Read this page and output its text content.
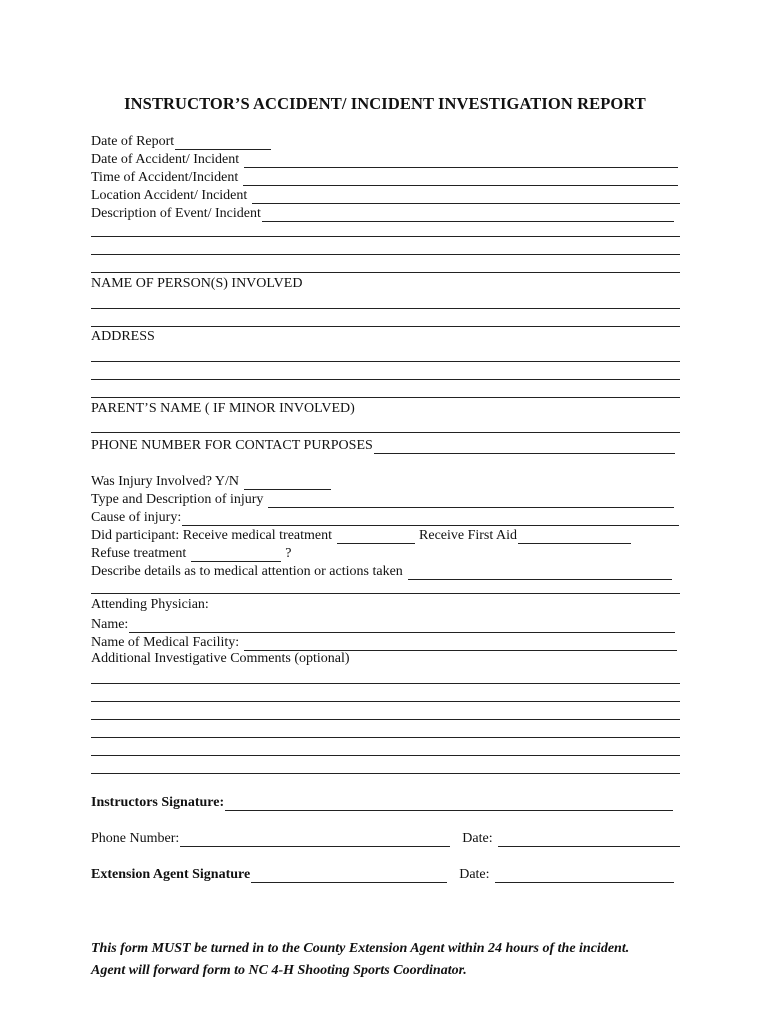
INSTRUCTOR’S ACCIDENT/ INCIDENT INVESTIGATION REPORT
Date of Report
Date of Accident/ Incident
Time of Accident/Incident
Location Accident/ Incident
Description of Event/ Incident
NAME OF PERSON(S) INVOLVED
ADDRESS
PARENT’S NAME ( IF MINOR INVOLVED)
PHONE NUMBER FOR CONTACT PURPOSES
Was Injury Involved? Y/N
Type and Description of injury
Cause of injury:
Did participant: Receive medical treatment	Receive First Aid
Refuse treatment	?
Describe details as to medical attention or actions taken
Attending Physician:
Name:
Name of Medical Facility:
Additional Investigative Comments (optional)
Instructors Signature:
Phone Number:	Date:
Extension Agent Signature	Date:
This form MUST be turned in to the County Extension Agent within 24 hours of the incident.
Agent will forward form to NC 4-H Shooting Sports Coordinator.
